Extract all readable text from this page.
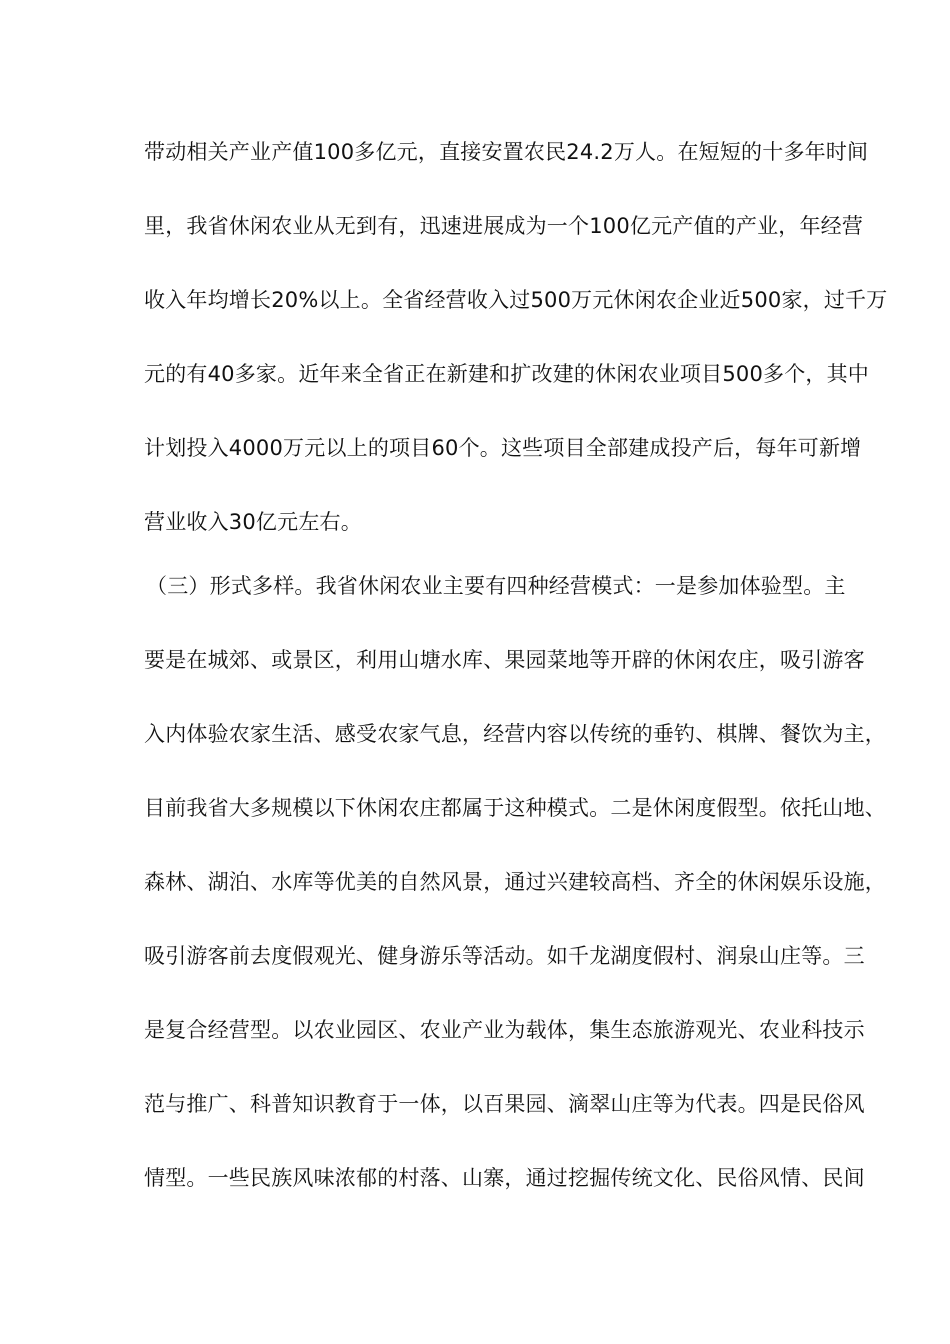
带动相关产业产值100多亿元，直接安置农民24.2万人。在短短的十多年时间
里，我省休闲农业从无到有，迅速进展成为一个100亿元产值的产业，年经营
收入年均增长20%以上。全省经营收入过500万元休闲农企业近500家，过千万
元的有40多家。近年来全省正在新建和扩改建的休闲农业项目500多个，其中
计划投入4000万元以上的项目60个。这些项目全部建成投产后，每年可新增
营业收入30亿元左右。
（三）形式多样。我省休闲农业主要有四种经营模式：一是参加体验型。主
要是在城郊、或景区，利用山塘水库、果园菜地等开辟的休闲农庄，吸引游客
入内体验农家生活、感受农家气息，经营内容以传统的垂钓、棋牌、餐饮为主，
目前我省大多规模以下休闲农庄都属于这种模式。二是休闲度假型。依托山地、
森林、湖泊、水库等优美的自然风景，通过兴建较高档、齐全的休闲娱乐设施，
吸引游客前去度假观光、健身游乐等活动。如千龙湖度假村、润泉山庄等。三
是复合经营型。以农业园区、农业产业为载体，集生态旅游观光、农业科技示
范与推广、科普知识教育于一体，以百果园、滴翠山庄等为代表。四是民俗风
情型。一些民族风味浓郁的村落、山寨，通过挖掘传统文化、民俗风情、民间
